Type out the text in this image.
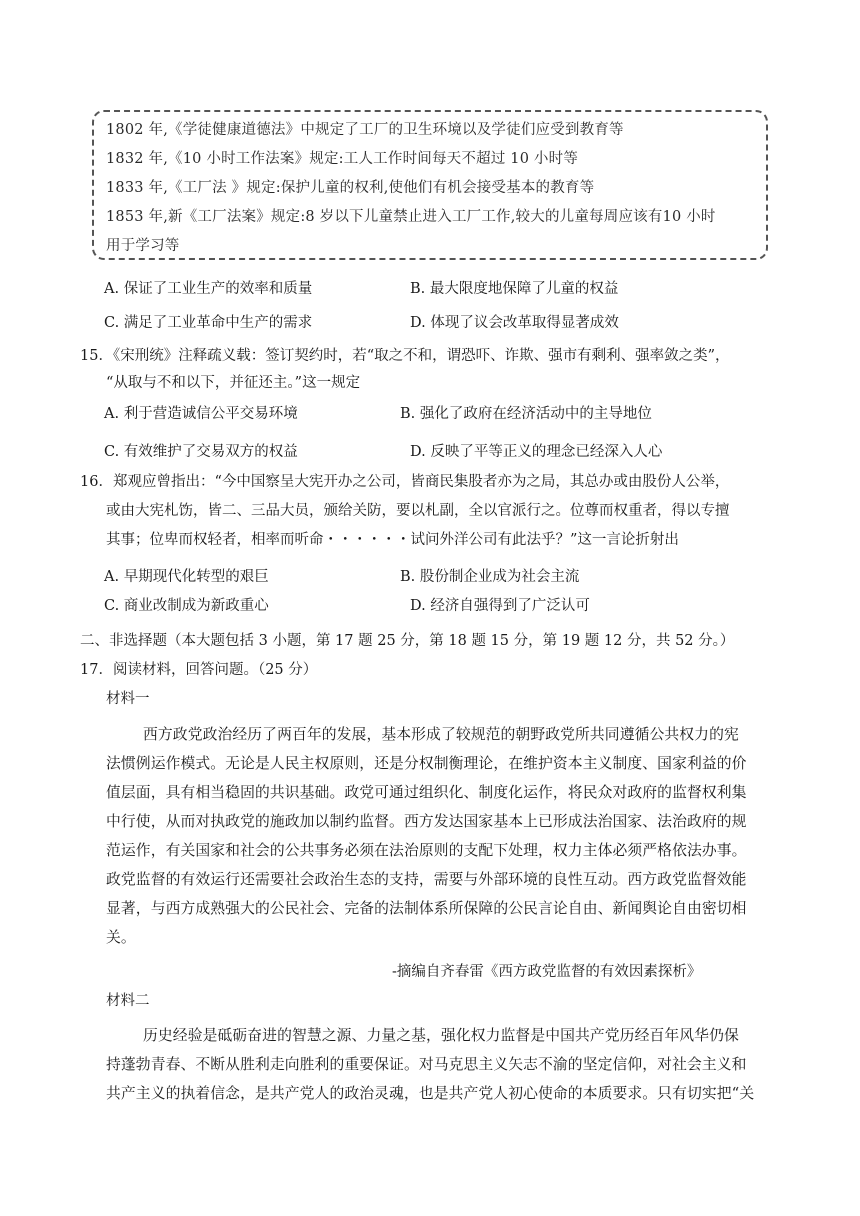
1802 年,《学徒健康道德法》中规定了工厂的卫生环境以及学徒们应受到教育等
1832 年,《10 小时工作法案》规定:工人工作时间每天不超过 10 小时等
1833 年,《工厂法 》规定:保护儿童的权利,使他们有机会接受基本的教育等
1853 年,新《工厂法案》规定:8 岁以下儿童禁止进入工厂工作,较大的儿童每周应该有10 小时
用于学习等
A. 保证了工业生产的效率和质量	B. 最大限度地保障了儿童的权益
C. 满足了工业革命中生产的需求	D. 体现了议会改革取得显著成效
15．《宋刑统》注释疏义载：签订契约时，若“取之不和，谓恐吓、诈欺、强市有剩利、强率敛之类”，
“从取与不和以下，并征还主。”这一规定
A. 利于营造诚信公平交易环境	B. 强化了政府在经济活动中的主导地位
C. 有效维护了交易双方的权益	D. 反映了平等正义的理念已经深入人心
16．郑观应曾指出：“今中国察呈大宪开办之公司，皆商民集股者亦为之局，其总办或由股份人公举，
或由大宪札饬，皆二、三品大员，颁给关防，要以札副，全以官派行之。位尊而权重者，得以专擅
其事；位卑而权轻者，相率而听命・・・・・・试问外洋公司有此法乎？”这一言论折射出
A. 早期现代化转型的艰巨	B. 股份制企业成为社会主流
C. 商业改制成为新政重心	D. 经济自强得到了广泛认可
二、非选择题（本大题包括 3 小题，第 17 题 25 分，第 18 题 15 分，第 19 题 12 分，共 52 分。）
17．阅读材料，回答问题。（25 分）
材料一
西方政党政治经历了两百年的发展，基本形成了较规范的朝野政党所共同遵循公共权力的宪
法惯例运作模式。无论是人民主权原则，还是分权制衡理论，在维护资本主义制度、国家利益的价
值层面，具有相当稳固的共识基础。政党可通过组织化、制度化运作，将民众对政府的监督权利集
中行使，从而对执政党的施政加以制约监督。西方发达国家基本上已形成法治国家、法治政府的规
范运作，有关国家和社会的公共事务必须在法治原则的支配下处理，权力主体必须严格依法办事。
政党监督的有效运行还需要社会政治生态的支持，需要与外部环境的良性互动。西方政党监督效能
显著，与西方成熟强大的公民社会、完备的法制体系所保障的公民言论自由、新闻舆论自由密切相
关。
-摘编自齐春雷《西方政党监督的有效因素探析》
材料二
历史经验是砥砺奋进的智慧之源、力量之基，强化权力监督是中国共产党历经百年风华仍保
持蓬勃青春、不断从胜利走向胜利的重要保证。对马克思主义矢志不渝的坚定信仰，对社会主义和
共产主义的执着信念，是共产党人的政治灵魂，也是共产党人初心使命的本质要求。只有切实把“关
